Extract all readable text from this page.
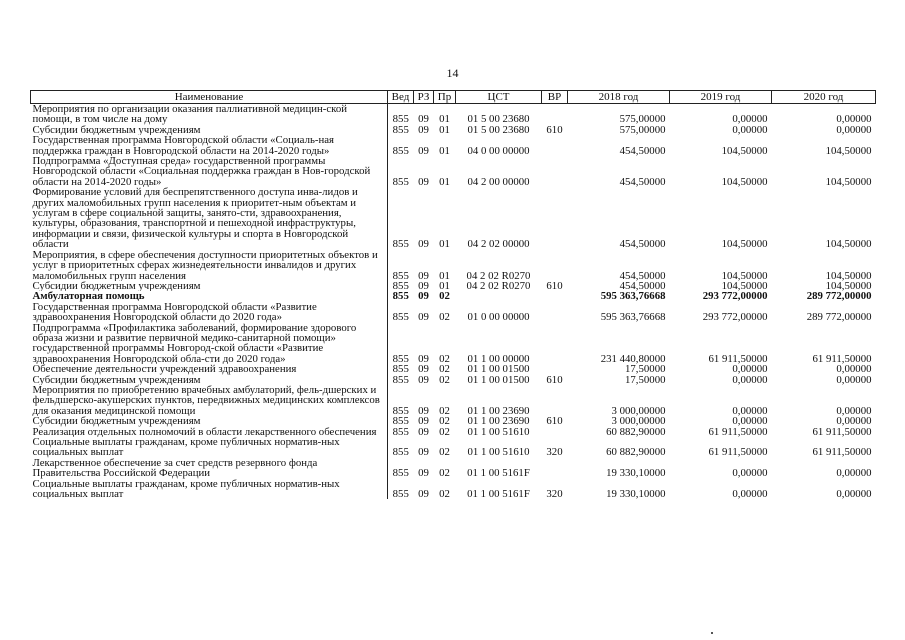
14
Наименование	Вед	РЗ	Пр	ЦСТ	ВР	2018 год	2019 год	2020 год
Мероприятия по организации оказания паллиативной медицин-ской помощи, в том числе на дому	855	09	01	01 5 00 23680		575,00000	0,00000	0,00000
Субсидии бюджетным учреждениям	855	09	01	01 5 00 23680	610	575,00000	0,00000	0,00000
Государственная программа Новгородской области «Социаль-ная поддержка граждан в Новгородской области на 2014-2020 годы»	855	09	01	04 0 00 00000		454,50000	104,50000	104,50000
Подпрограмма «Доступная среда» государственной программы Новгородской области «Социальная поддержка граждан в Нов-городской области на 2014-2020 годы»	855	09	01	04 2 00 00000		454,50000	104,50000	104,50000
Формирование условий для беспрепятственного доступа инва-лидов и других маломобильных групп населения к приоритет-ным объектам и услугам в сфере социальной защиты, занято-сти, здравоохранения, культуры, образования, транспортной и пешеходной инфраструктуры, информации и связи, физической культуры и спорта в Новгородской области	855	09	01	04 2 02 00000		454,50000	104,50000	104,50000
Мероприятия, в сфере обеспечения доступности приоритетных объектов и услуг в приоритетных сферах жизнедеятельности инвалидов и других маломобильных групп населения	855	09	01	04 2 02 R0270		454,50000	104,50000	104,50000
Субсидии бюджетным учреждениям	855	09	01	04 2 02 R0270	610	454,50000	104,50000	104,50000
Амбулаторная помощь	855	09	02			595 363,76668	293 772,00000	289 772,00000
Государственная программа Новгородской области «Развитие здравоохранения Новгородской области до 2020 года»	855	09	02	01 0 00 00000		595 363,76668	293 772,00000	289 772,00000
Подпрограмма «Профилактика заболеваний, формирование здорового образа жизни и развитие первичной медико-санитарной помощи» государственной программы Новгород-ской области «Развитие здравоохранения Новгородской обла-сти до 2020 года»	855	09	02	01 1 00 00000		231 440,80000	61 911,50000	61 911,50000
Обеспечение деятельности учреждений здравоохранения	855	09	02	01 1 00 01500		17,50000	0,00000	0,00000
Субсидии бюджетным учреждениям	855	09	02	01 1 00 01500	610	17,50000	0,00000	0,00000
Мероприятия по приобретению врачебных амбулаторий, фель-дшерских и фельдшерско-акушерских пунктов, передвижных медицинских комплексов для оказания медицинской помощи	855	09	02	01 1 00 23690		3 000,00000	0,00000	0,00000
Субсидии бюджетным учреждениям	855	09	02	01 1 00 23690	610	3 000,00000	0,00000	0,00000
Реализация отдельных полномочий в области лекарственного обеспечения	855	09	02	01 1 00 51610		60 882,90000	61 911,50000	61 911,50000
Социальные выплаты гражданам, кроме публичных норматив-ных социальных выплат	855	09	02	01 1 00 51610	320	60 882,90000	61 911,50000	61 911,50000
Лекарственное обеспечение за счет средств резервного фонда Правительства Российской Федерации	855	09	02	01 1 00 5161F		19 330,10000	0,00000	0,00000
Социальные выплаты гражданам, кроме публичных норматив-ных социальных выплат	855	09	02	01 1 00 5161F	320	19 330,10000	0,00000	0,00000
